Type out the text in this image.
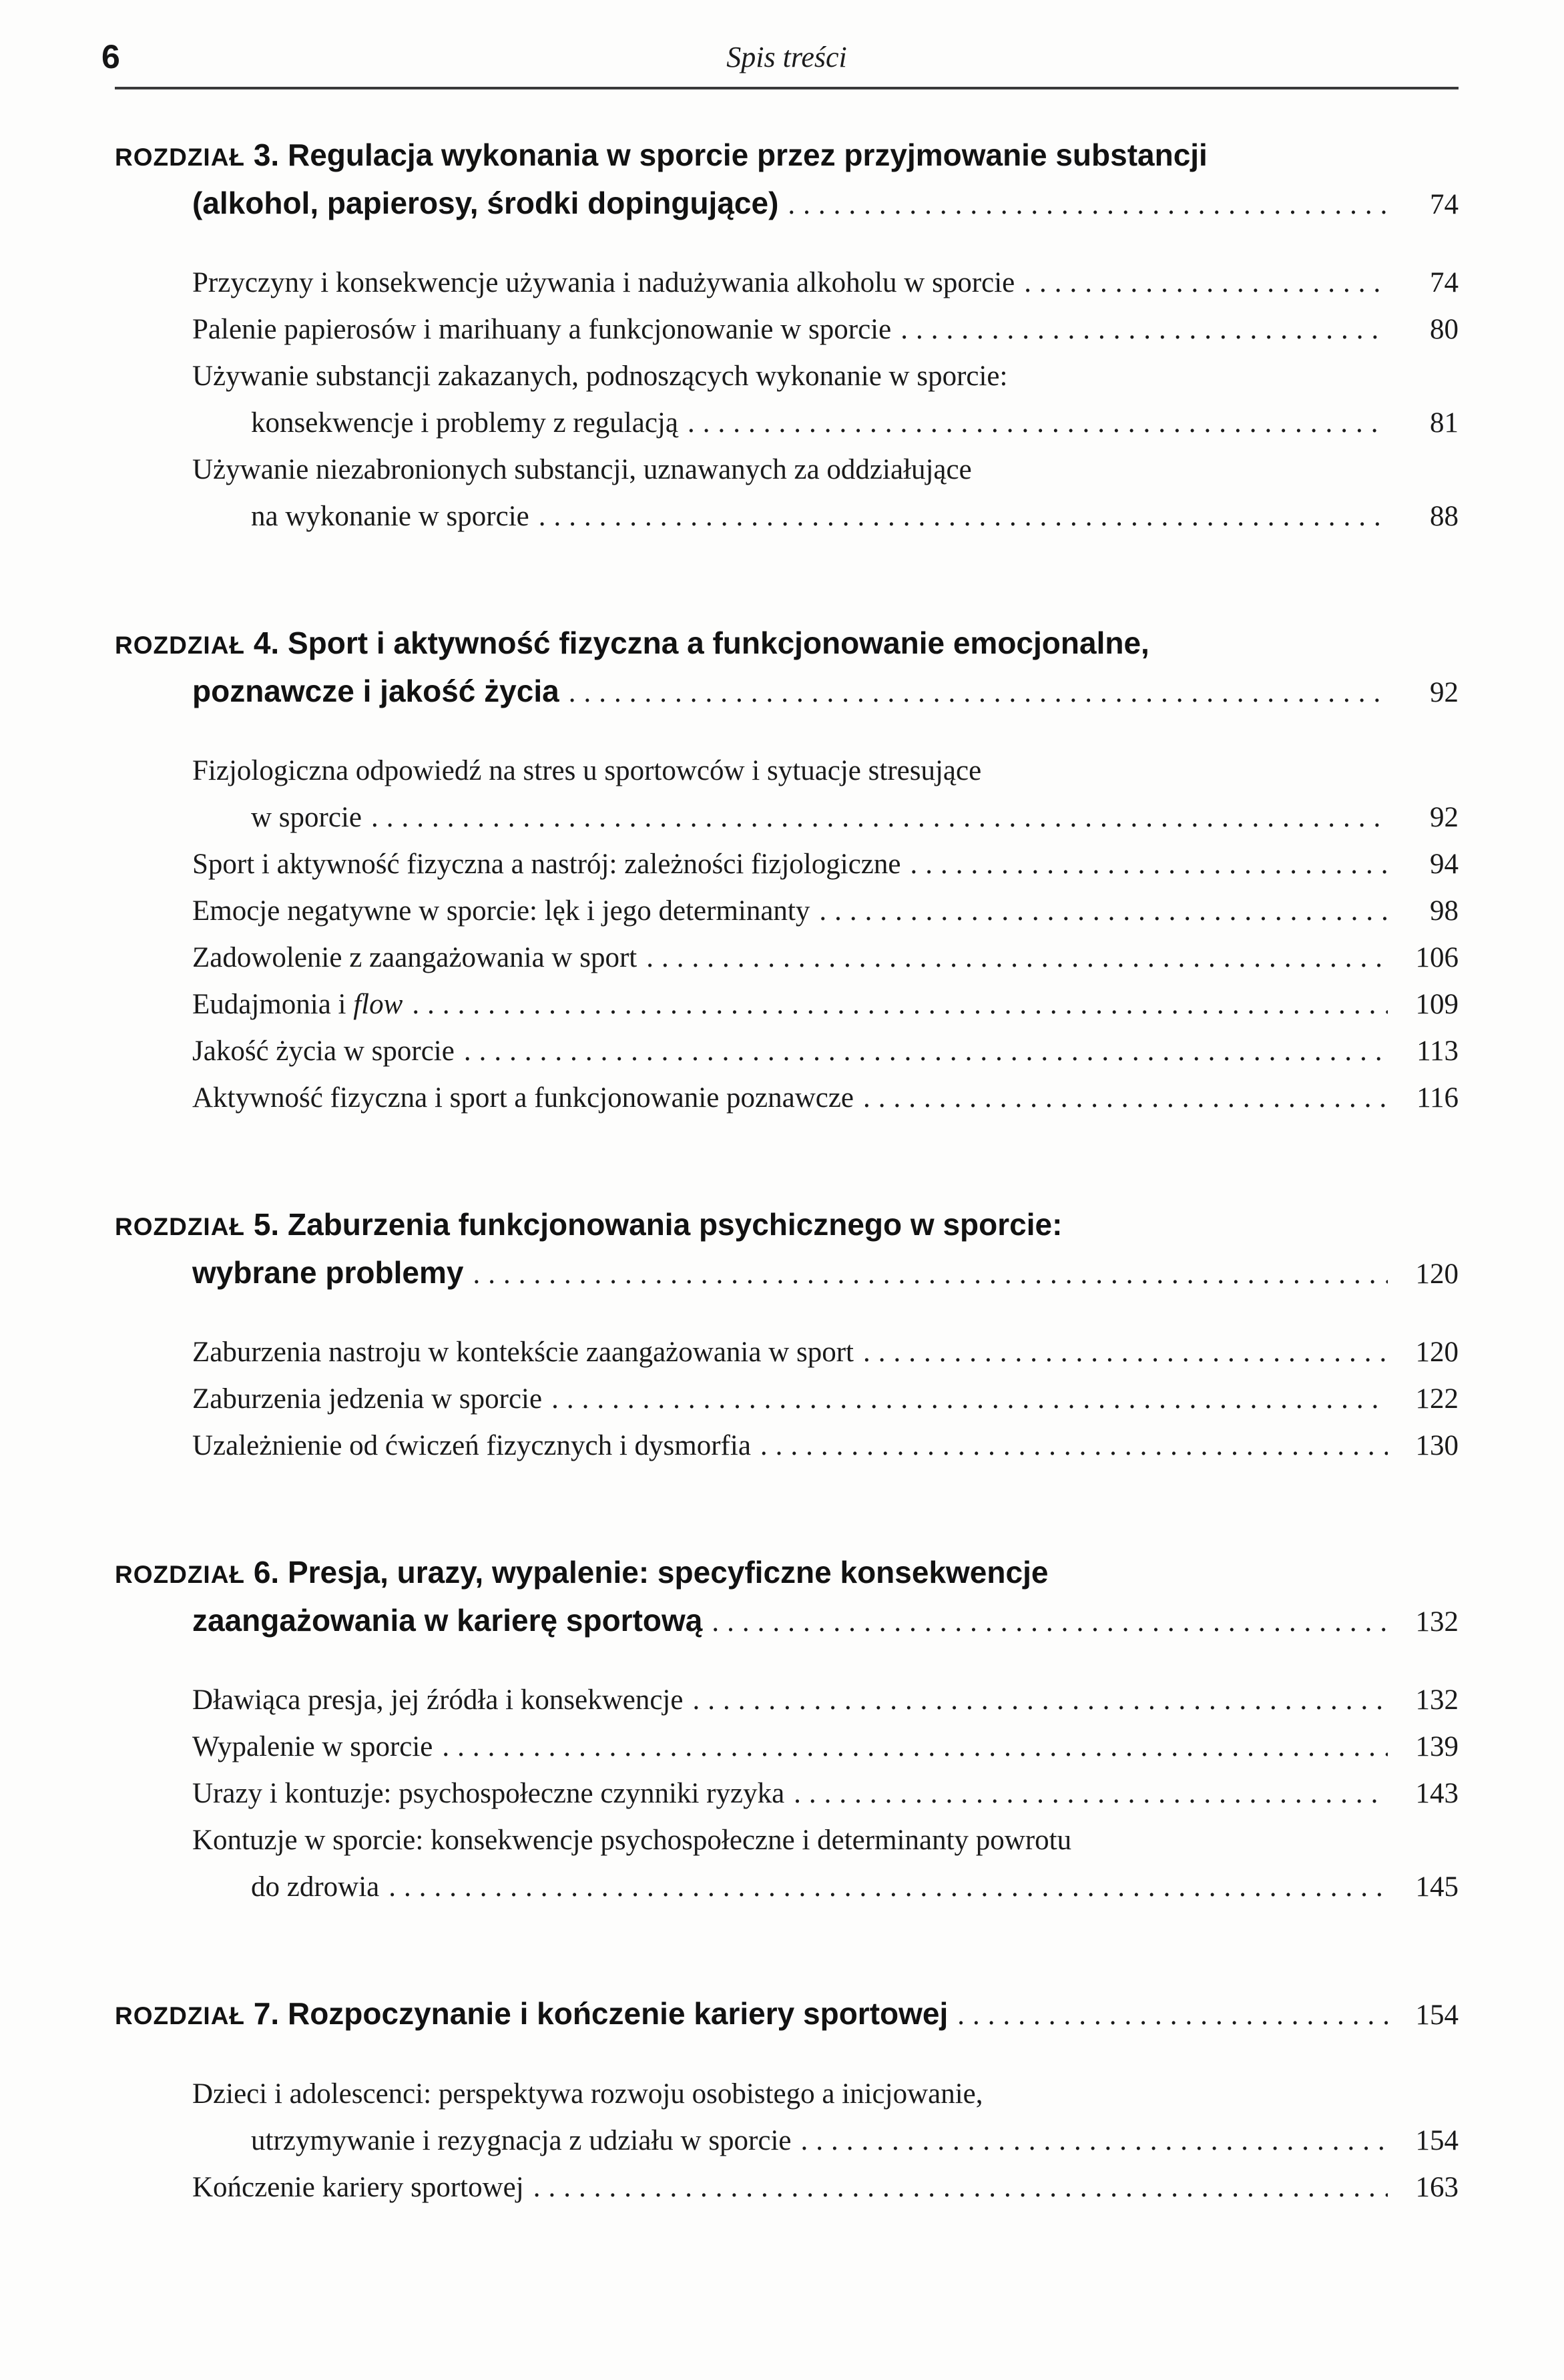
6	Spis treści
ROZDZIAŁ 3. Regulacja wykonania w sporcie przez przyjmowanie substancji
(alkohol, papierosy, środki dopingujące) .....	74
Przyczyny i konsekwencje używania i nadużywania alkoholu w sporcie .....	74
Palenie papierosów i marihuany a funkcjonowanie w sporcie .....	80
Używanie substancji zakazanych, podnoszących wykonanie w sporcie:
konsekwencje i problemy z regulacją .....	81
Używanie niezabronionych substancji, uznawanych za oddziałujące
na wykonanie w sporcie .....	88
ROZDZIAŁ 4. Sport i aktywność fizyczna a funkcjonowanie emocjonalne,
poznawcze i jakość życia .....	92
Fizjologiczna odpowiedź na stres u sportowców i sytuacje stresujące
w sporcie .....	92
Sport i aktywność fizyczna a nastrój: zależności fizjologiczne .....	94
Emocje negatywne w sporcie: lęk i jego determinanty .....	98
Zadowolenie z zaangażowania w sport .....	106
Eudajmonia i flow .....	109
Jakość życia w sporcie .....	113
Aktywność fizyczna i sport a funkcjonowanie poznawcze .....	116
ROZDZIAŁ 5. Zaburzenia funkcjonowania psychicznego w sporcie:
wybrane problemy .....	120
Zaburzenia nastroju w kontekście zaangażowania w sport .....	120
Zaburzenia jedzenia w sporcie .....	122
Uzależnienie od ćwiczeń fizycznych i dysmorfia .....	130
ROZDZIAŁ 6. Presja, urazy, wypalenie: specyficzne konsekwencje
zaangażowania w karierę sportową .....	132
Dławiąca presja, jej źródła i konsekwencje .....	132
Wypalenie w sporcie .....	139
Urazy i kontuzje: psychospołeczne czynniki ryzyka .....	143
Kontuzje w sporcie: konsekwencje psychospołeczne i determinanty powrotu
do zdrowia .....	145
ROZDZIAŁ 7. Rozpoczynanie i kończenie kariery sportowej .....	154
Dzieci i adolescenci: perspektywa rozwoju osobistego a inicjowanie,
utrzymywanie i rezygnacja z udziału w sporcie .....	154
Kończenie kariery sportowej .....	163
